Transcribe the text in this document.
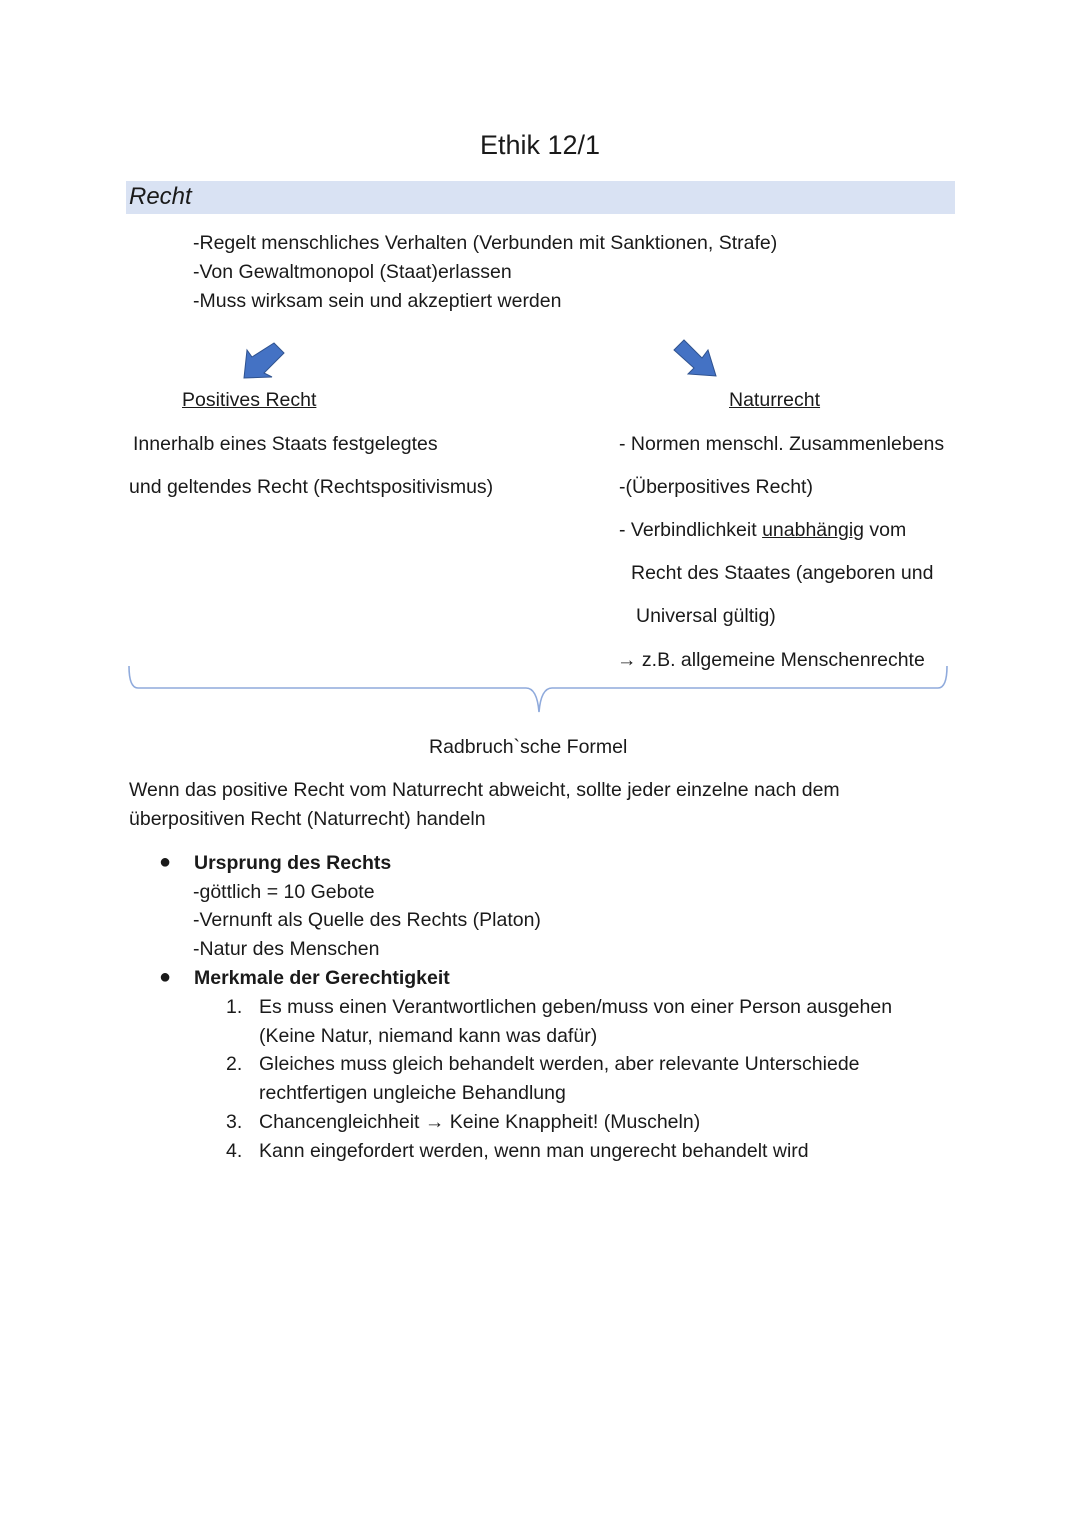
Ethik 12/1
Recht
-Regelt menschliches Verhalten (Verbunden mit Sanktionen, Strafe)
-Von Gewaltmonopol (Staat)erlassen
-Muss wirksam sein und akzeptiert werden
Positives Recht
Innerhalb eines Staats festgelegtes
und geltendes Recht (Rechtspositivismus)
Naturrecht
- Normen menschl. Zusammenlebens
-(Überpositives Recht)
- Verbindlichkeit unabhängig vom
Recht des Staates (angeboren und
Universal gültig)
→ z.B. allgemeine Menschenrechte
Radbruch`sche Formel
Wenn das positive Recht vom Naturrecht abweicht, sollte jeder einzelne nach dem
überpositiven Recht (Naturrecht) handeln
● Ursprung des Rechts
-göttlich = 10 Gebote
-Vernunft als Quelle des Rechts (Platon)
-Natur des Menschen
● Merkmale der Gerechtigkeit
1. Es muss einen Verantwortlichen geben/muss von einer Person ausgehen
(Keine Natur, niemand kann was dafür)
2. Gleiches muss gleich behandelt werden, aber relevante Unterschiede
rechtfertigen ungleiche Behandlung
3. Chancengleichheit → Keine Knappheit! (Muscheln)
4. Kann eingefordert werden, wenn man ungerecht behandelt wird
